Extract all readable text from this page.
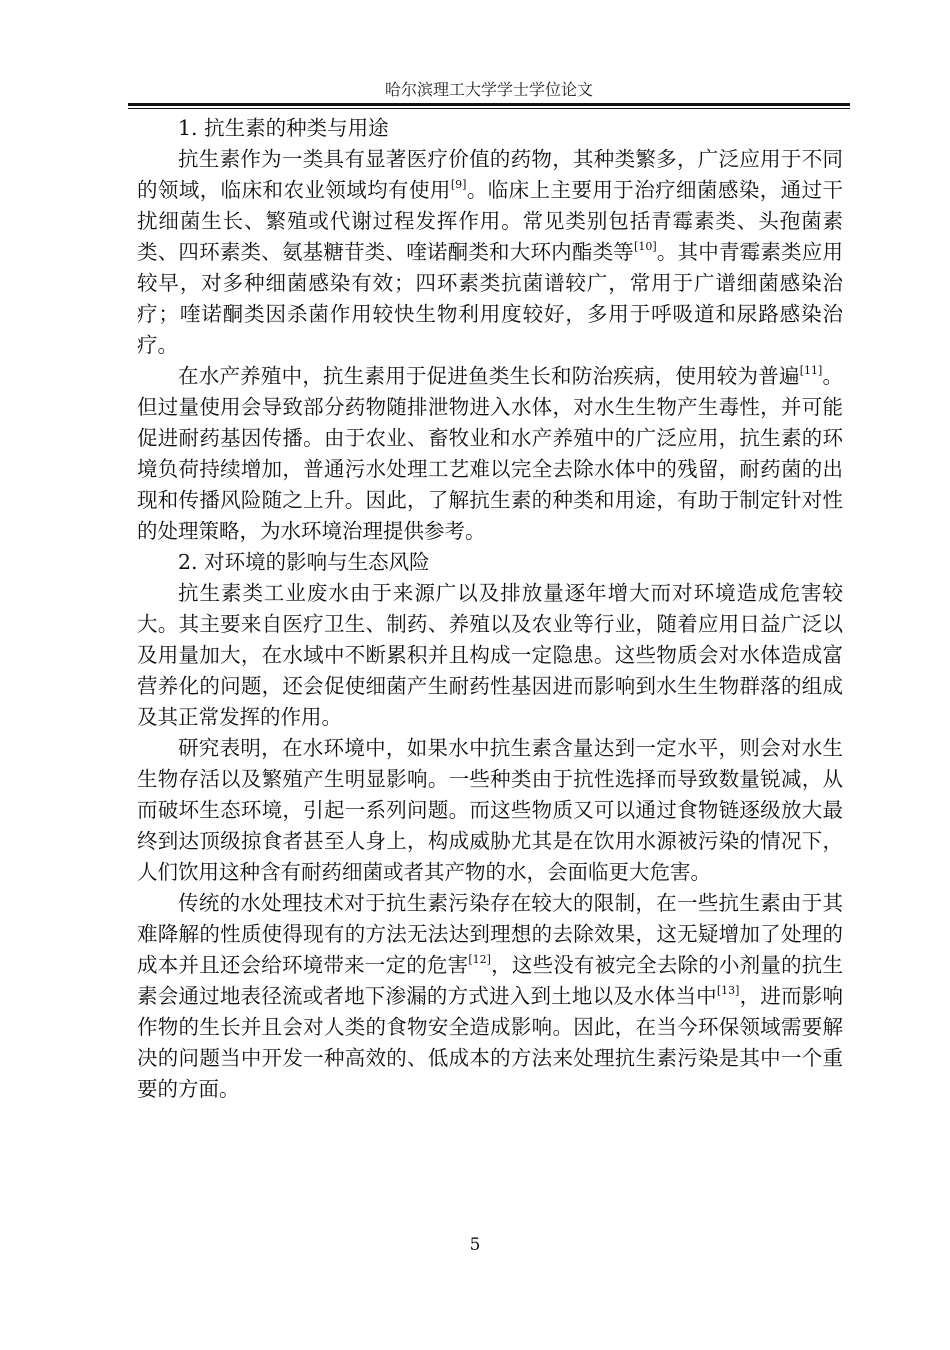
哈尔滨理工大学学士学位论文
1. 抗生素的种类与用途

抗生素作为一类具有显著医疗价值的药物，其种类繁多，广泛应用于不同的领域，临床和农业领域均有使用[9]。临床上主要用于治疗细菌感染，通过干扰细菌生长、繁殖或代谢过程发挥作用。常见类别包括青霉素类、头孢菌素类、四环素类、氨基糖苷类、喹诺酮类和大环内酯类等[10]。其中青霉素类应用较早，对多种细菌感染有效；四环素类抗菌谱较广，常用于广谱细菌感染治疗；喹诺酮类因杀菌作用较快生物利用度较好，多用于呼吸道和尿路感染治疗。

在水产养殖中，抗生素用于促进鱼类生长和防治疾病，使用较为普遍[11]。但过量使用会导致部分药物随排泄物进入水体，对水生生物产生毒性，并可能促进耐药基因传播。由于农业、畜牧业和水产养殖中的广泛应用，抗生素的环境负荷持续增加，普通污水处理工艺难以完全去除水体中的残留，耐药菌的出现和传播风险随之上升。因此，了解抗生素的种类和用途，有助于制定针对性的处理策略，为水环境治理提供参考。

2. 对环境的影响与生态风险

抗生素类工业废水由于来源广以及排放量逐年增大而对环境造成危害较大。其主要来自医疗卫生、制药、养殖以及农业等行业，随着应用日益广泛以及用量加大，在水域中不断累积并且构成一定隐患。这些物质会对水体造成富营养化的问题，还会促使细菌产生耐药性基因进而影响到水生生物群落的组成及其正常发挥的作用。

研究表明，在水环境中，如果水中抗生素含量达到一定水平，则会对水生生物存活以及繁殖产生明显影响。一些种类由于抗性选择而导致数量锐减，从而破坏生态环境，引起一系列问题。而这些物质又可以通过食物链逐级放大最终到达顶级掠食者甚至人身上，构成威胁尤其是在饮用水源被污染的情况下，人们饮用这种含有耐药细菌或者其产物的水，会面临更大危害。

传统的水处理技术对于抗生素污染存在较大的限制，在一些抗生素由于其难降解的性质使得现有的方法无法达到理想的去除效果，这无疑增加了处理的成本并且还会给环境带来一定的危害[12]，这些没有被完全去除的小剂量的抗生素会通过地表径流或者地下渗漏的方式进入到土地以及水体当中[13]，进而影响作物的生长并且会对人类的食物安全造成影响。因此，在当今环保领域需要解决的问题当中开发一种高效的、低成本的方法来处理抗生素污染是其中一个重要的方面。

5
